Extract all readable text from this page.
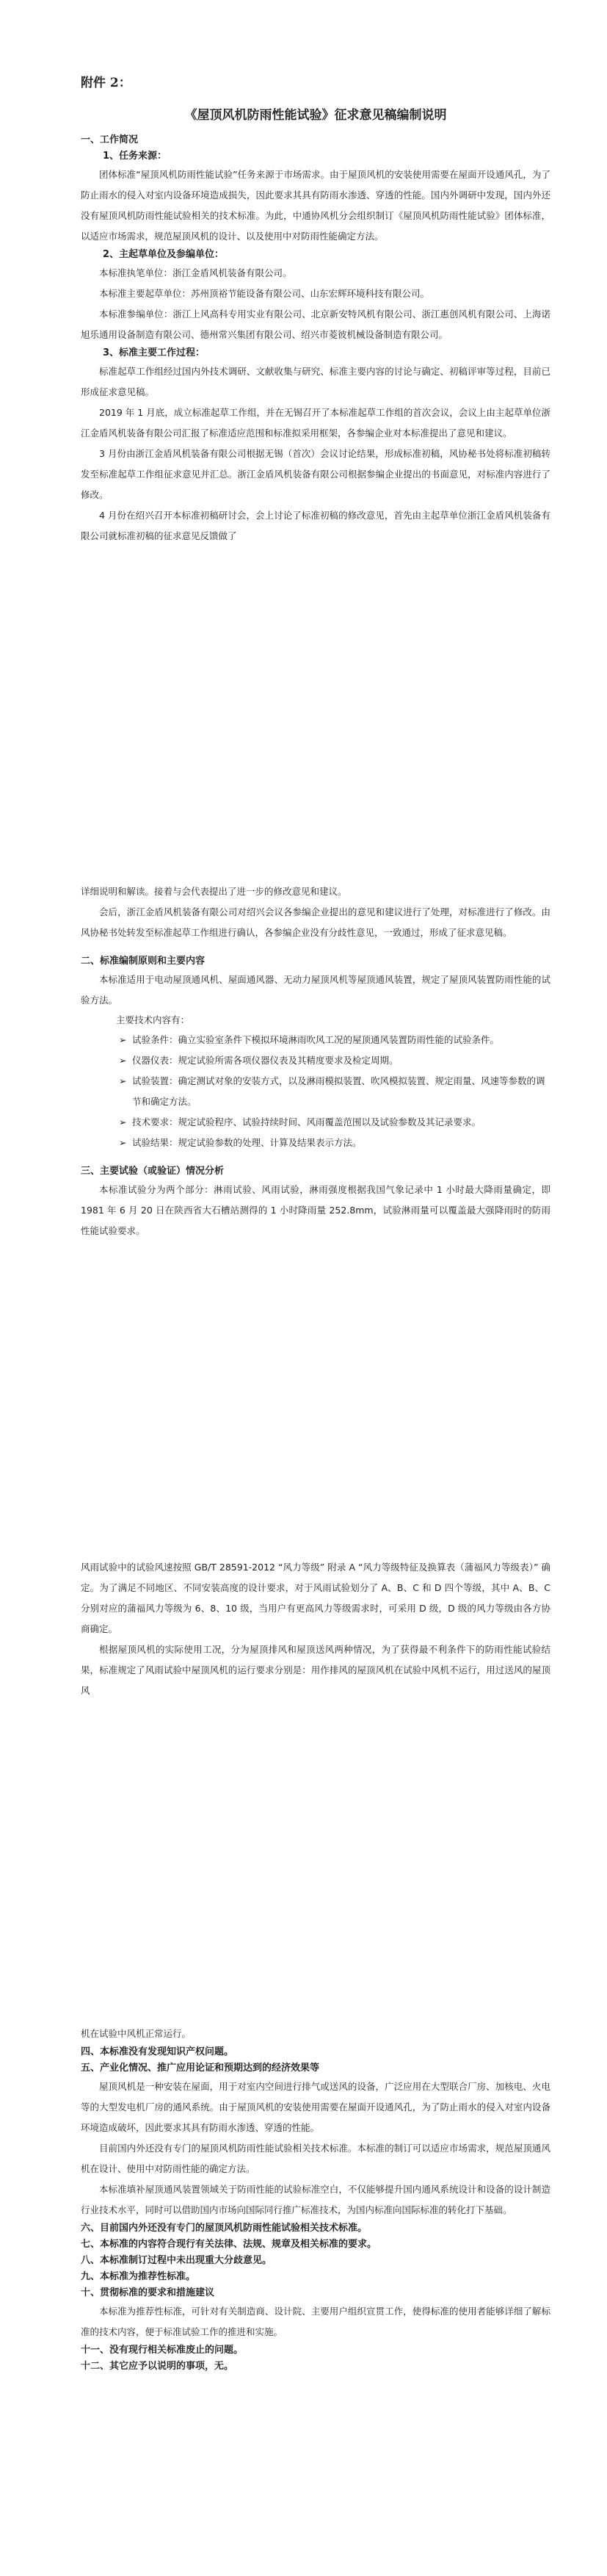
附件 2：

《屋顶风机防雨性能试验》征求意见稿编制说明

一、工作简况

1、任务来源：

团体标准“屋顶风机防雨性能试验”任务来源于市场需求。由于屋顶风机的安装使用需要在屋面开设通风孔，为了防止雨水的侵入对室内设备环境造成损失，因此要求其具有防雨水渗透、穿透的性能。国内外调研中发现，国内外还没有屋顶风机防雨性能试验相关的技术标准。为此，中通协风机分会组织制订《屋顶风机防雨性能试验》团体标准，以适应市场需求，规范屋顶风机的设计、以及使用中对防雨性能确定方法。

2、主起草单位及参编单位：

本标准执笔单位：浙江金盾风机装备有限公司。

本标准主要起草单位：苏州顶裕节能设备有限公司、山东宏辉环境科技有限公司。

本标准参编单位：浙江上风高科专用实业有限公司、北京新安特风机有限公司、浙江惠创风机有限公司、上海诺旭乐通用设备制造有限公司、德州常兴集团有限公司、绍兴市菱彼机械设备制造有限公司。

3、标准主要工作过程：

标准起草工作组经过国内外技术调研、文献收集与研究、标准主要内容的讨论与确定、初稿评审等过程，目前已形成征求意见稿。

2019 年 1 月底，成立标准起草工作组，并在无锡召开了本标准起草工作组的首次会议，会议上由主起草单位浙江金盾风机装备有限公司汇报了标准适应范围和标准拟采用框架，各参编企业对本标准提出了意见和建议。

3 月份由浙江金盾风机装备有限公司根据无锡（首次）会议讨论结果，形成标准初稿，风协秘书处将标准初稿转发至标准起草工作组征求意见并汇总。浙江金盾风机装备有限公司根据参编企业提出的书面意见，对标准内容进行了修改。

4 月份在绍兴召开本标准初稿研讨会，会上讨论了标准初稿的修改意见，首先由主起草单位浙江金盾风机装备有限公司就标准初稿的征求意见反馈做了

详细说明和解读。接着与会代表提出了进一步的修改意见和建议。

会后，浙江金盾风机装备有限公司对绍兴会议各参编企业提出的意见和建议进行了处理，对标准进行了修改。由风协秘书处转发至标准起草工作组进行确认，各参编企业没有分歧性意见，一致通过，形成了征求意见稿。

二、标准编制原则和主要内容

本标准适用于电动屋顶通风机、屋面通风器、无动力屋顶风机等屋顶通风装置，规定了屋顶风装置防雨性能的试验方法。

主要技术内容有：

➢ 试验条件：确立实验室条件下模拟环境淋雨吹风工况的屋顶通风装置防雨性能的试验条件。

➢ 仪器仪表：规定试验所需各项仪器仪表及其精度要求及检定周期。

➢ 试验装置：确定测试对象的安装方式，以及淋雨模拟装置、吹风模拟装置、规定雨量、风速等参数的调节和确定方法。

➢ 技术要求：规定试验程序、试验持续时间、风雨覆盖范围以及试验参数及其记录要求。

➢ 试验结果：规定试验参数的处理、计算及结果表示方法。

三、主要试验（或验证）情况分析

本标准试验分为两个部分：淋雨试验、风雨试验，淋雨强度根据我国气象记录中 1 小时最大降雨量确定，即 1981 年 6 月 20 日在陕西省大石槽站测得的 1 小时降雨量 252.8mm，试验淋雨量可以覆盖最大强降雨时的防雨性能试验要求。

风雨试验中的试验风速按照 GB/T 28591-2012 “风力等级” 附录 A “风力等级特征及换算表（蒲福风力等级表）” 确定。为了满足不同地区、不同安装高度的设计要求，对于风雨试验划分了 A、B、C 和 D 四个等级，其中 A、B、C 分别对应的蒲福风力等级为 6、8、10 级，当用户有更高风力等级需求时，可采用 D 级，D 级的风力等级由各方协商确定。

根据屋顶风机的实际使用工况，分为屋顶排风和屋顶送风两种情况，为了获得最不利条件下的防雨性能试验结果，标准规定了风雨试验中屋顶风机的运行要求分别是：用作排风的屋顶风机在试验中风机不运行，用过送风的屋顶风

机在试验中风机正常运行。

四、本标准没有发现知识产权问题。

五、产业化情况、推广应用论证和预期达到的经济效果等

屋顶风机是一种安装在屋面，用于对室内空间进行排气或送风的设备，广泛应用在大型联合厂房、加核电、火电等的大型发电机厂房的通风系统。由于屋顶风机的安装使用需要在屋面开设通风孔，为了防止雨水的侵入对室内设备环境造成破坏，因此要求其具有防雨水渗透、穿透的性能。

目前国内外还没有专门的屋顶风机防雨性能试验相关技术标准。本标准的制订可以适应市场需求，规范屋顶通风机在设计、使用中对防雨性能的确定方法。

本标准填补屋顶通风装置领域关于防雨性能的试验标准空白，不仅能够提升国内通风系统设计和设备的设计制造行业技术水平，同时可以借助国内市场向国际同行推广标准技术，为国内标准向国际标准的转化打下基础。

六、目前国内外还没有专门的屋顶风机防雨性能试验相关技术标准。

七、本标准的内容符合现行有关法律、法规、规章及相关标准的要求。

八、本标准制订过程中未出现重大分歧意见。

九、本标准为推荐性标准。

十、贯彻标准的要求和措施建议

本标准为推荐性标准，可针对有关制造商、设计院、主要用户组织宣贯工作，使得标准的使用者能够详细了解标准的技术内容，便于标准试验工作的推进和实施。

十一、没有现行相关标准废止的问题。

十二、其它应予以说明的事项，无。
